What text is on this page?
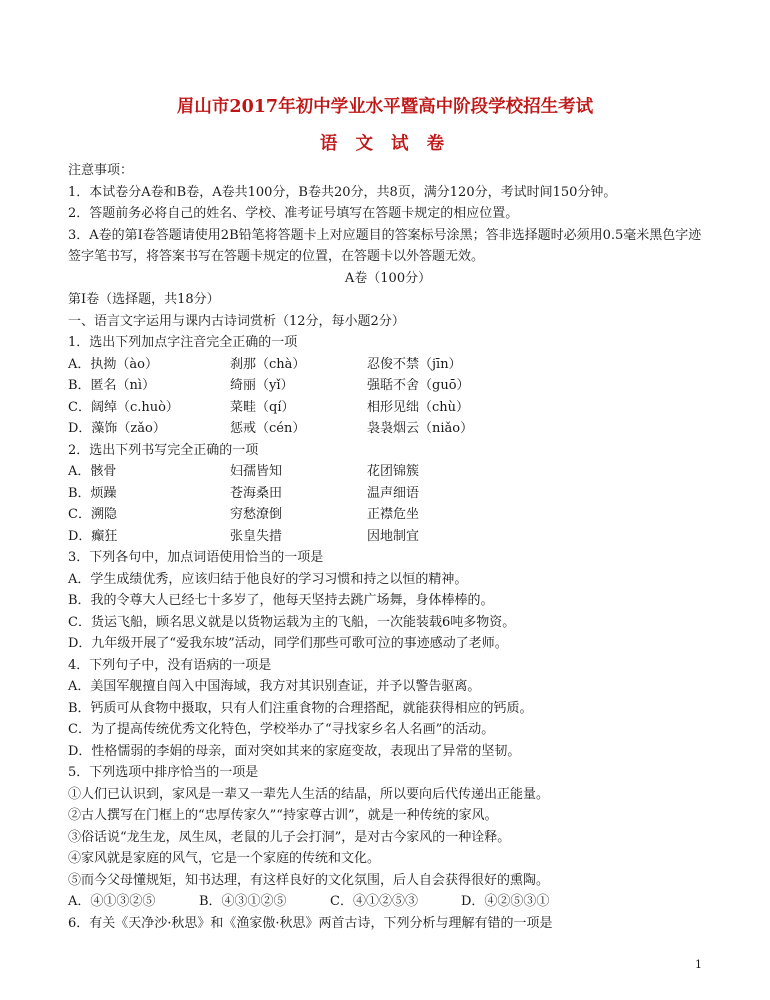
眉山市2017年初中学业水平暨高中阶段学校招生考试
语 文 试 卷
注意事项：
1．本试卷分A卷和B卷，A卷共100分，B卷共20分，共8页，满分120分，考试时间150分钟。
2．答题前务必将自己的姓名、学校、准考证号填写在答题卡规定的相应位置。
3．A卷的第Ⅰ卷答题请使用2B铅笔将答题卡上对应题目的答案标号涂黑；答非选择题时必须用0.5毫米黑色字迹签字笔书写，将答案书写在答题卡规定的位置，在答题卡以外答题无效。
A卷（100分）
第Ⅰ卷（选择题，共18分）
一、语言文字运用与课内古诗词赏析（12分，每小题2分）
1．选出下列加点字注音完全正确的一项
A．执拗（ào）	刹那（chà）	忍俊不禁（jīn）
B．匿名（nì）	绮丽（yǐ）	强聒不舍（guō）
C．阔绰（c.huò）	菜畦（qí）	相形见绌（chù）
D．藻饰（zǎo）	惩戒（cén）	袅袅烟云（niǎo）
2．选出下列书写完全正确的一项
A．骸骨	妇孺皆知	花团锦簇
B．烦躁	苍海桑田	温声细语
C．溯隐	穷愁潦倒	正襟危坐
D．癫狂	张皇失措	因地制宜
3．下列各句中，加点词语使用恰当的一项是
A．学生成绩优秀，应该归结于他良好的学习习惯和持之以恒的精神。
B．我的令尊大人已经七十多岁了，他每天坚持去跳广场舞，身体棒棒的。
C．货运飞船，顾名思义就是以货物运载为主的飞船，一次能装载6吨多物资。
D．九年级开展了“爱我东坡”活动，同学们那些可歌可泣的事迹感动了老师。
4．下列句子中，没有语病的一项是
A．美国军舰擅自闯入中国海域，我方对其识别查证，并予以警告驱离。
B．钙质可从食物中摄取，只有人们注重食物的合理搭配，就能获得相应的钙质。
C．为了提高传统优秀文化特色，学校举办了“寻找家乡名人名画”的活动。
D．性格懦弱的李娟的母亲，面对突如其来的家庭变故，表现出了异常的坚韧。
5．下列选项中排序恰当的一项是
①人们已认识到，家风是一辈又一辈先人生活的结晶，所以要向后代传递出正能量。
②古人撰写在门框上的“忠厚传家久”“持家尊古训”，就是一种传统的家风。
③俗话说“龙生龙，凤生凤，老鼠的儿子会打洞”，是对古今家风的一种诠释。
④家风就是家庭的风气，它是一个家庭的传统和文化。
⑤而今父母懂规矩，知书达理，有这样良好的文化氛围，后人自会获得很好的熏陶。
A．④①③②⑤	B．④③①②⑤	C．④①②⑤③	D．④②⑤③①
6．有关《天净沙·秋思》和《渔家傲·秋思》两首古诗，下列分析与理解有错的一项是
1
